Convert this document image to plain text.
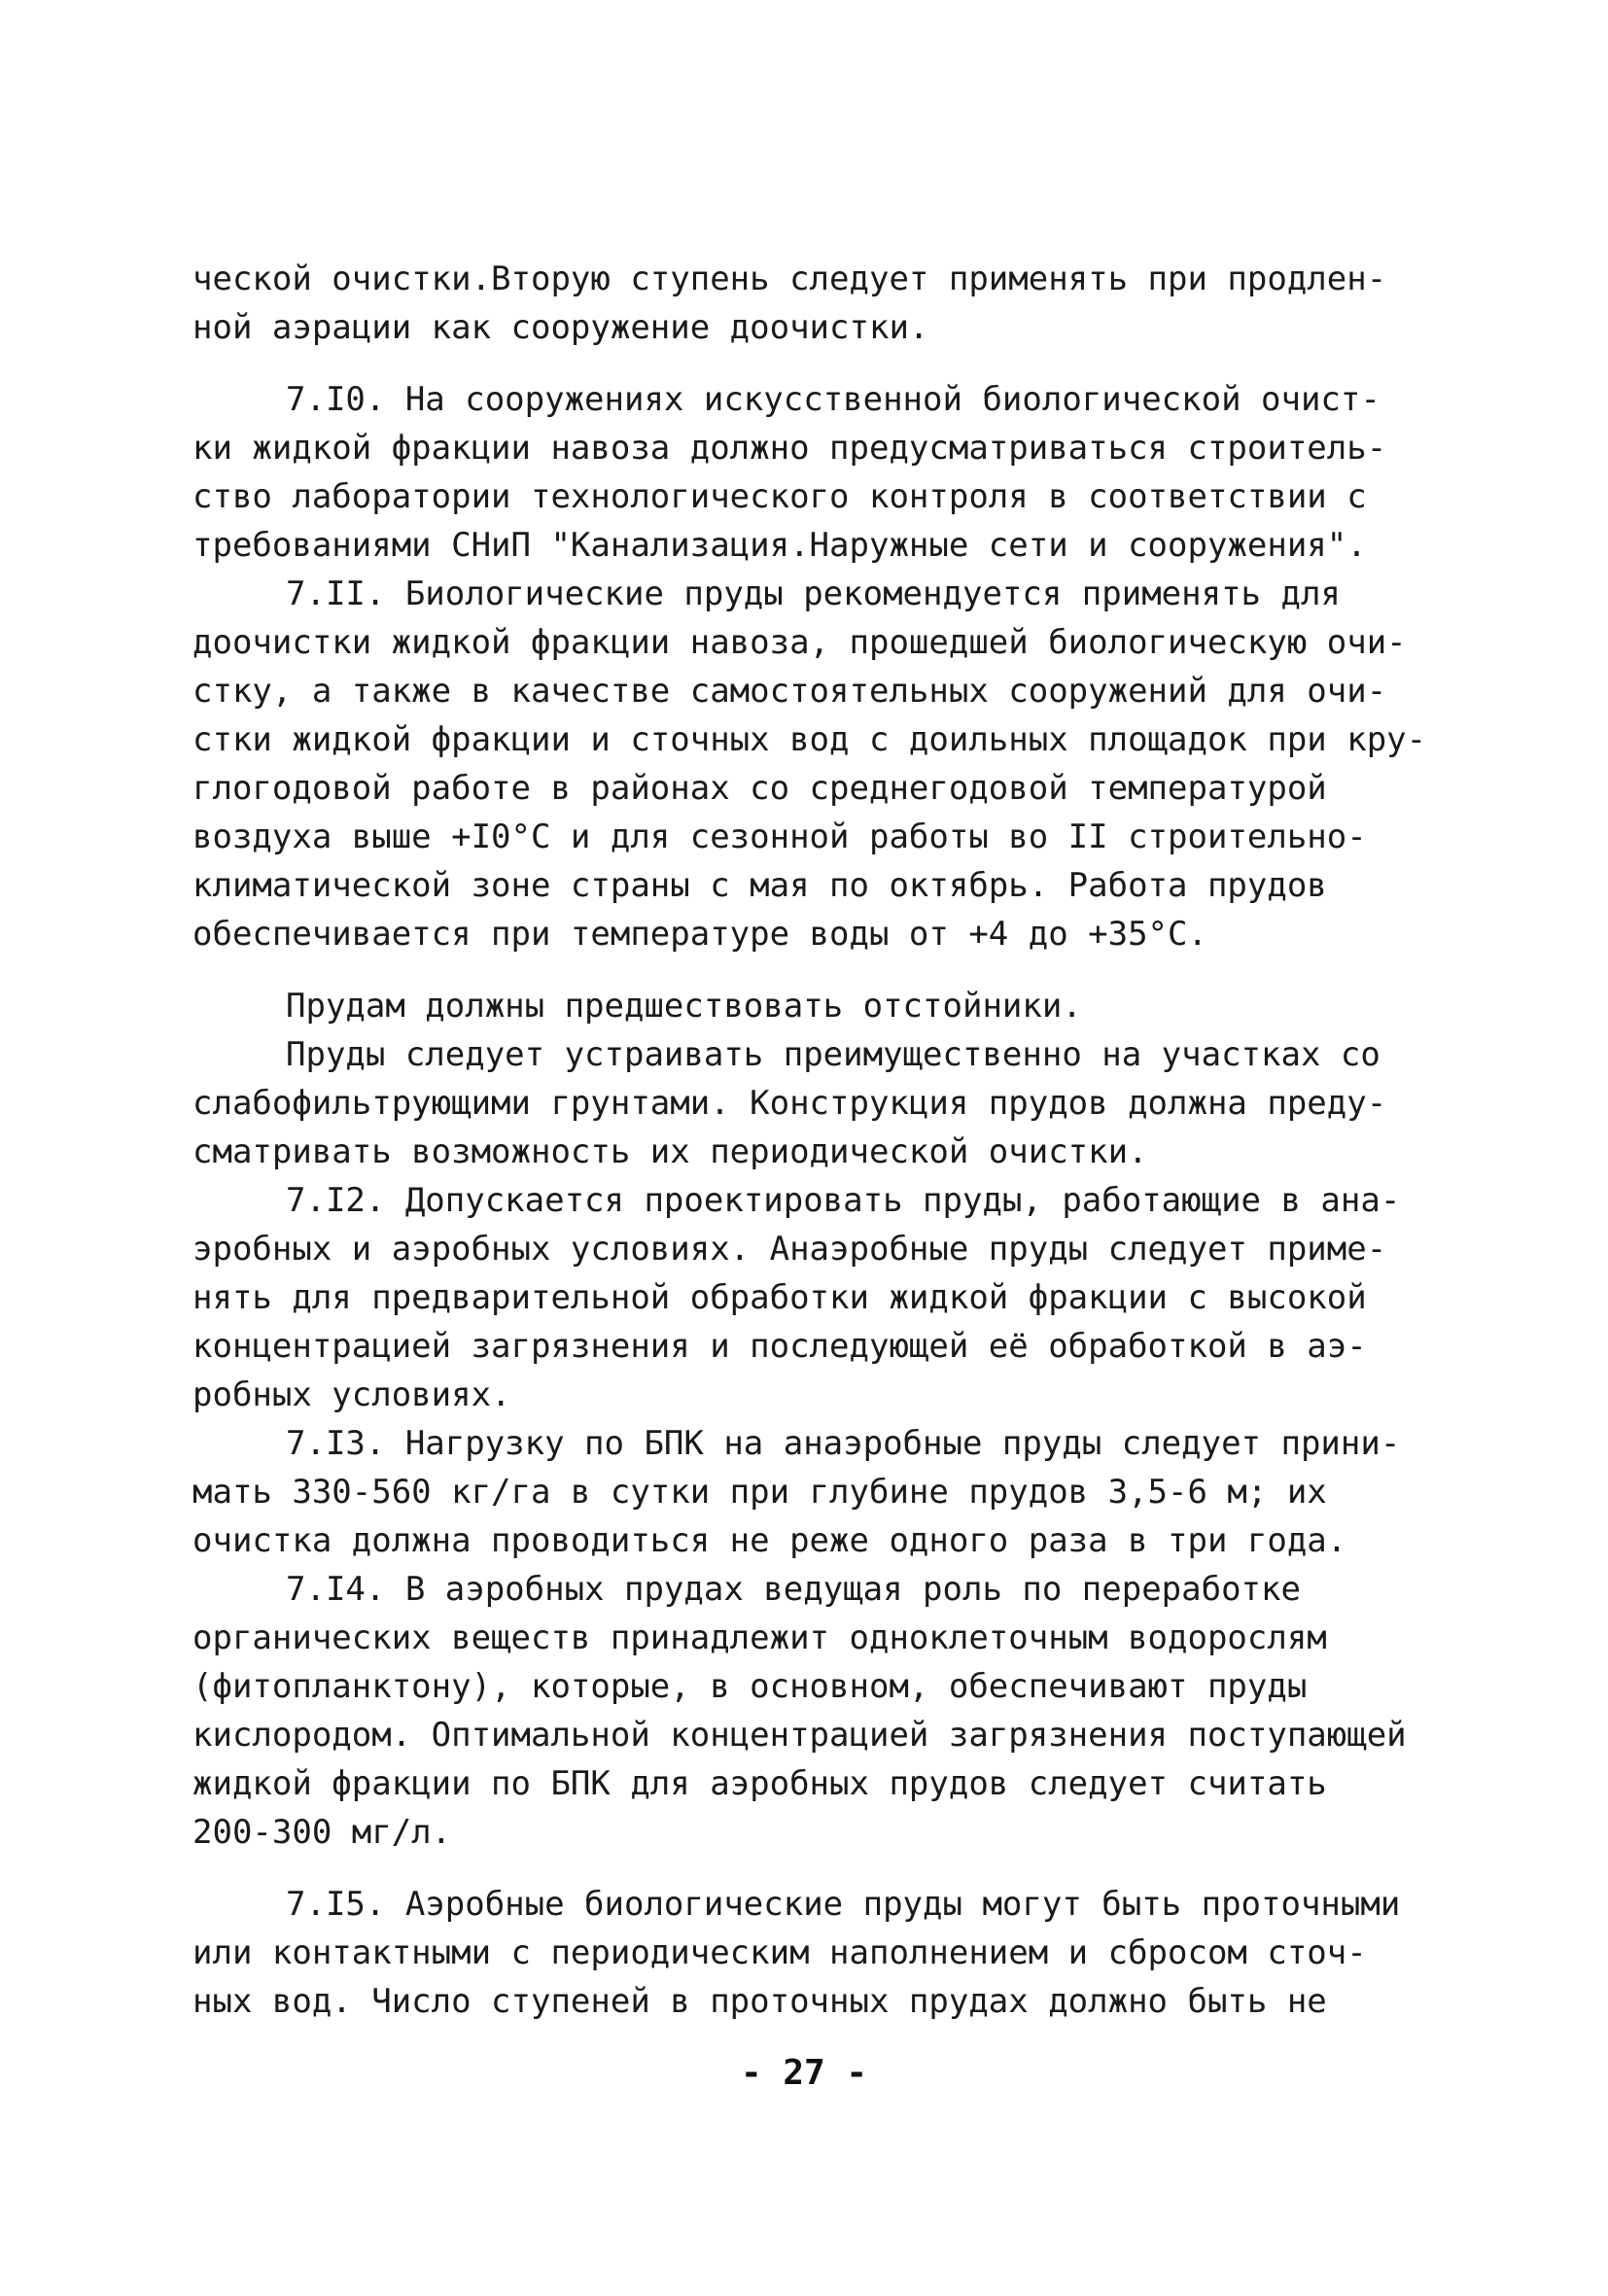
ческой очистки.Вторую ступень следует применять при продлен-
ной аэрации как сооружение доочистки.
7.I0. На сооружениях искусственной биологической очист-
ки жидкой фракции навоза должно предусматриваться строитель-
ство лаборатории технологического контроля в соответствии с
требованиями СНиП "Канализация.Наружные сети и сооружения".
7.II. Биологические пруды рекомендуется применять для
доочистки жидкой фракции навоза, прошедшей биологическую очи-
стку, а также в качестве самостоятельных сооружений для очи-
стки жидкой фракции и сточных вод с доильных площадок при кру-
глогодовой работе в районах со среднегодовой температурой
воздуха выше +I0°C и для сезонной работы во II строительно-
климатической зоне страны с мая по октябрь. Работа прудов
обеспечивается при температуре воды от +4 до +35°C.
Прудам должны предшествовать отстойники.
Пруды следует устраивать преимущественно на участках со
слабофильтрующими грунтами. Конструкция прудов должна преду-
сматривать возможность их периодической очистки.
7.I2. Допускается проектировать пруды, работающие в ана-
эробных и аэробных условиях. Анаэробные пруды следует приме-
нять для предварительной обработки жидкой фракции с высокой
концентрацией загрязнения и последующей её обработкой в аэ-
робных условиях.
7.I3. Нагрузку по БПК на анаэробные пруды следует прини-
мать 330-560 кг/га в сутки при глубине прудов 3,5-6 м; их
очистка должна проводиться не реже одного раза в три года.
7.I4. В аэробных прудах ведущая роль по переработке
органических веществ принадлежит одноклеточным водорослям
(фитопланктону), которые, в основном, обеспечивают пруды
кислородом. Оптимальной концентрацией загрязнения поступающей
жидкой фракции по БПК для аэробных прудов следует считать
200-300 мг/л.
7.I5. Аэробные биологические пруды могут быть проточными
или контактными с периодическим наполнением и сбросом сточ-
ных вод. Число ступеней в проточных прудах должно быть не
- 27 -
